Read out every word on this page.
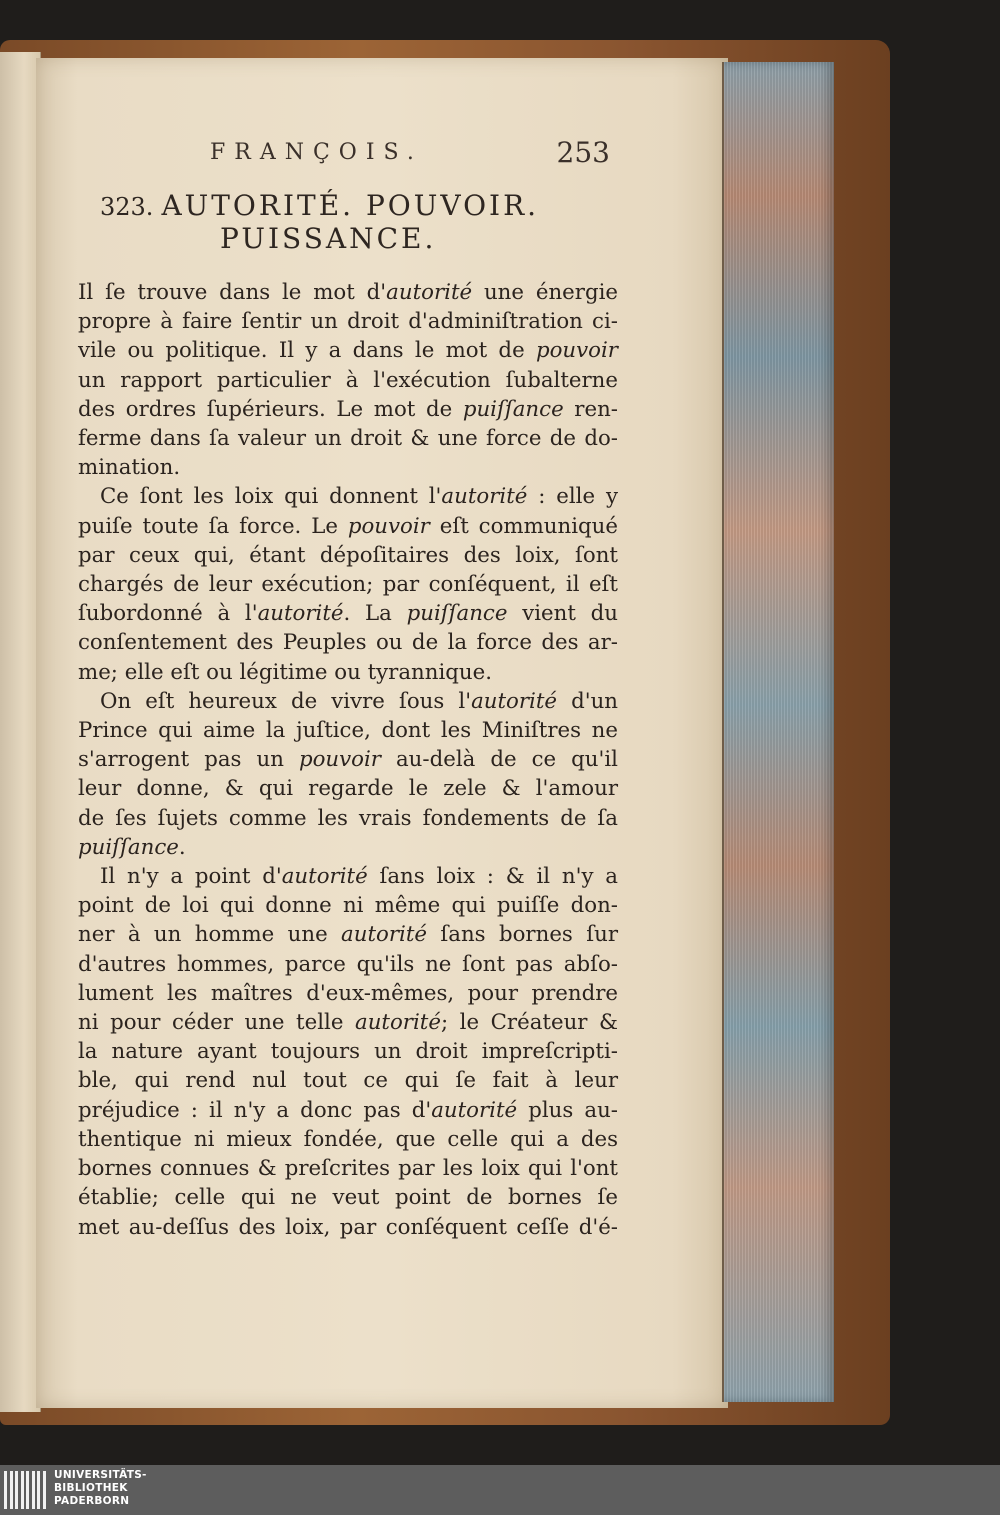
FRANÇOIS.	253
323. AUTORITÉ. POUVOIR.
PUISSANCE.
Il ſe trouve dans le mot d'autorité une énergie
propre à faire ſentir un droit d'adminiſtration ci-
vile ou politique. Il y a dans le mot de pouvoir
un rapport particulier à l'exécution ſubalterne
des ordres ſupérieurs. Le mot de puiſſance ren-
ferme dans ſa valeur un droit & une force de do-
mination.
Ce ſont les loix qui donnent l'autorité : elle y
puiſe toute ſa force. Le pouvoir eſt communiqué
par ceux qui, étant dépoſitaires des loix, ſont
chargés de leur exécution; par conſéquent, il eſt
ſubordonné à l'autorité. La puiſſance vient du
conſentement des Peuples ou de la force des ar-
me; elle eſt ou légitime ou tyrannique.
On eſt heureux de vivre ſous l'autorité d'un
Prince qui aime la juſtice, dont les Miniſtres ne
s'arrogent pas un pouvoir au-delà de ce qu'il
leur donne, & qui regarde le zele & l'amour
de ſes ſujets comme les vrais fondements de ſa
puiſſance.
Il n'y a point d'autorité ſans loix : & il n'y a
point de loi qui donne ni même qui puiſſe don-
ner à un homme une autorité ſans bornes ſur
d'autres hommes, parce qu'ils ne ſont pas abſo-
lument les maîtres d'eux-mêmes, pour prendre
ni pour céder une telle autorité; le Créateur &
la nature ayant toujours un droit impreſcripti-
ble, qui rend nul tout ce qui ſe fait à leur
préjudice : il n'y a donc pas d'autorité plus au-
thentique ni mieux fondée, que celle qui a des
bornes connues & preſcrites par les loix qui l'ont
établie; celle qui ne veut point de bornes ſe
met au-deſſus des loix, par conſéquent ceſſe d'é-
UNIVERSITÄTS-
BIBLIOTHEK
PADERBORN
